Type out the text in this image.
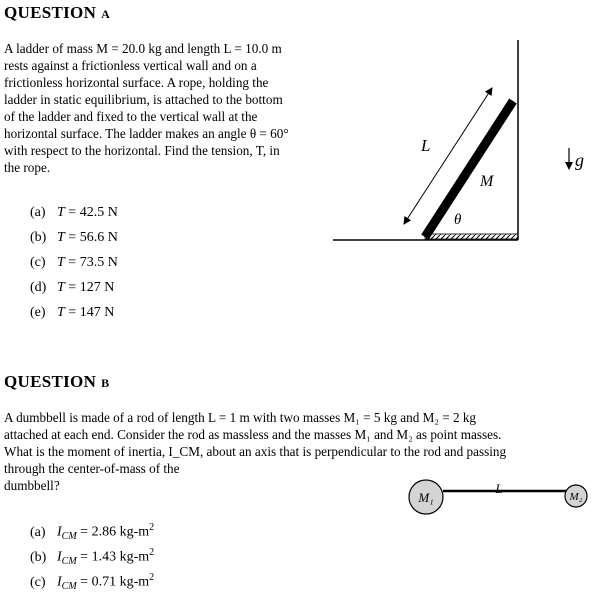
QUESTION A
A ladder of mass M = 20.0 kg and length L = 10.0 m
rests against a frictionless vertical wall and on a
frictionless horizontal surface. A rope, holding the
ladder in static equilibrium, is attached to the bottom
of the ladder and fixed to the vertical wall at the
horizontal surface. The ladder makes an angle θ = 60°
with respect to the horizontal. Find the tension, T, in
the rope.
(a) T = 42.5 N
(b) T = 56.6 N
(c) T = 73.5 N
(d) T = 127 N
(e) T = 147 N
L
M
θ
g
QUESTION B
A dumbbell is made of a rod of length L = 1 m with two masses M₁ = 5 kg and M₂ = 2 kg
attached at each end. Consider the rod as massless and the masses M₁ and M₂ as point masses.
What is the moment of inertia, I_CM, about an axis that is perpendicular to the rod and passing
through the center-of-mass of the
dumbbell?
M₁	M₂
L
(a) $I_{CM} = 2.86$ $kg-m^2$
(b) $I_{CM} = 1.43$ $kg-m^2$
(c) $I_{CM} = 0.71$ $kg-m^2$
